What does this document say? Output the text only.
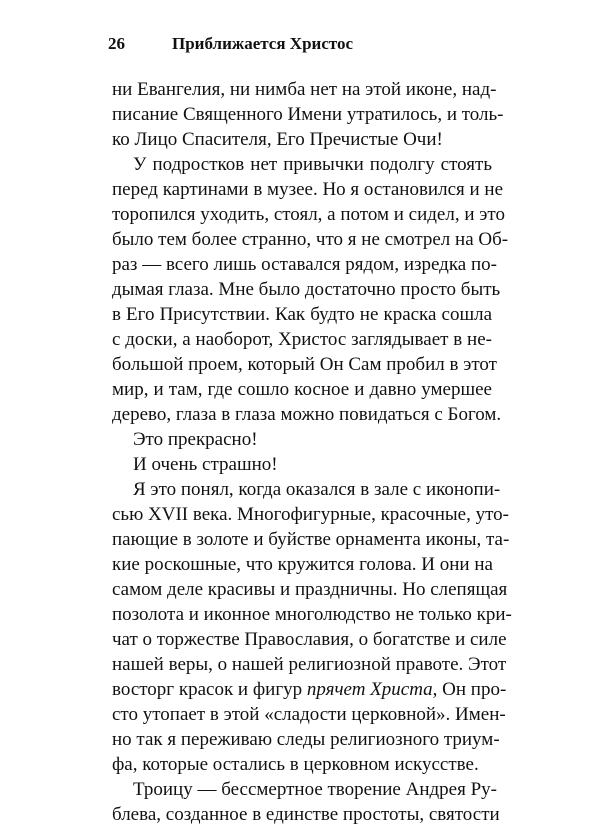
26	Приближается Христос
ни Евангелия, ни нимба нет на этой иконе, над-
писание Священного Имени утратилось, и толь-
ко Лицо Спасителя, Его Пречистые Очи!
У подростков нет привычки подолгу стоять
перед картинами в музее. Но я остановился и не
торопился уходить, стоял, а потом и сидел, и это
было тем более странно, что я не смотрел на Об-
раз — всего лишь оставался рядом, изредка по-
дымая глаза. Мне было достаточно просто быть
в Его Присутствии. Как будто не краска сошла
с доски, а наоборот, Христос заглядывает в не-
большой проем, который Он Сам пробил в этот
мир, и там, где сошло косное и давно умершее
дерево, глаза в глаза можно повидаться с Богом.
Это прекрасно!
И очень страшно!
Я это понял, когда оказался в зале с иконопи-
сью XVII века. Многофигурные, красочные, уто-
пающие в золоте и буйстве орнамента иконы, та-
кие роскошные, что кружится голова. И они на
самом деле красивы и праздничны. Но слепящая
позолота и иконное многолюдство не только кри-
чат о торжестве Православия, о богатстве и силе
нашей веры, о нашей религиозной правоте. Этот
восторг красок и фигур прячет Христа, Он про-
сто утопает в этой «сладости церковной». Имен-
но так я переживаю следы религиозного триум-
фа, которые остались в церковном искусстве.
Троицу — бессмертное творение Андрея Ру-
блева, созданное в единстве простоты, святости
